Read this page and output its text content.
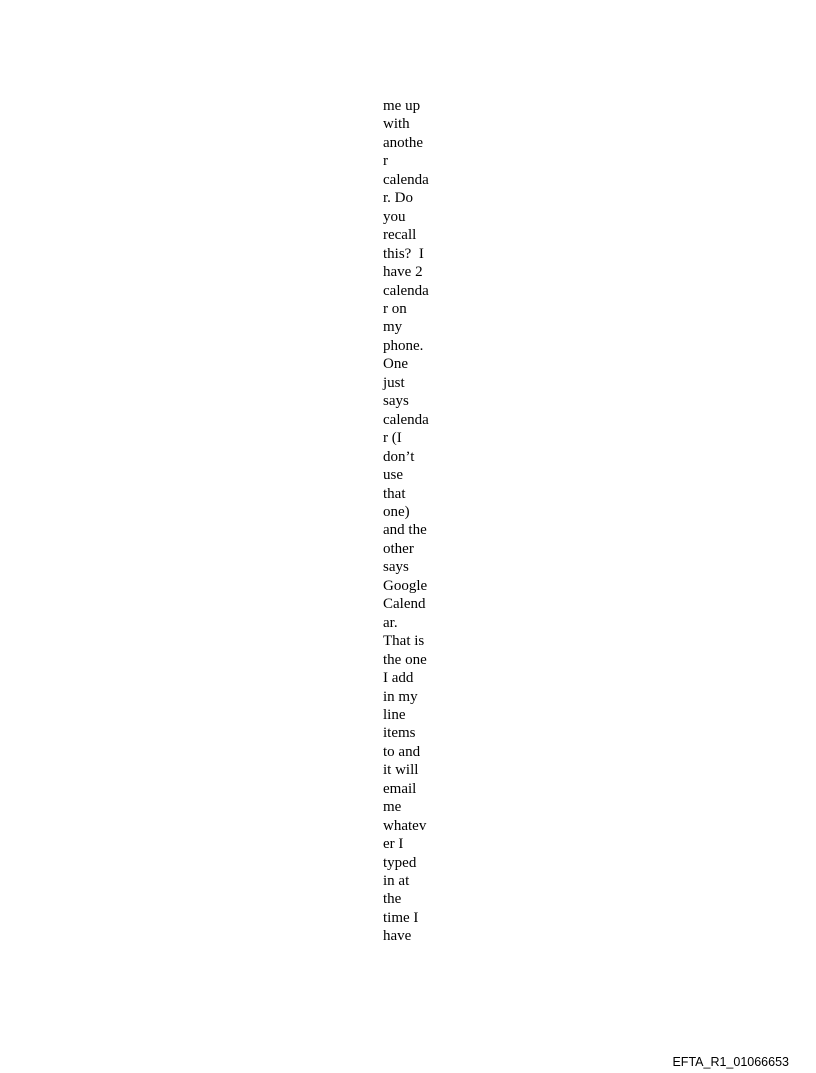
me up
with
anothe
r
calenda
r. Do
you
recall
this?  I
have 2
calenda
r on
my
phone.
One
just
says
calenda
r (I
don’t
use
that
one)
and the
other
says
Google
Calend
ar.
That is
the one
I add
in my
line
items
to and
it will
email
me
whatev
er I
typed
in at
the
time I
have
EFTA_R1_01066653
